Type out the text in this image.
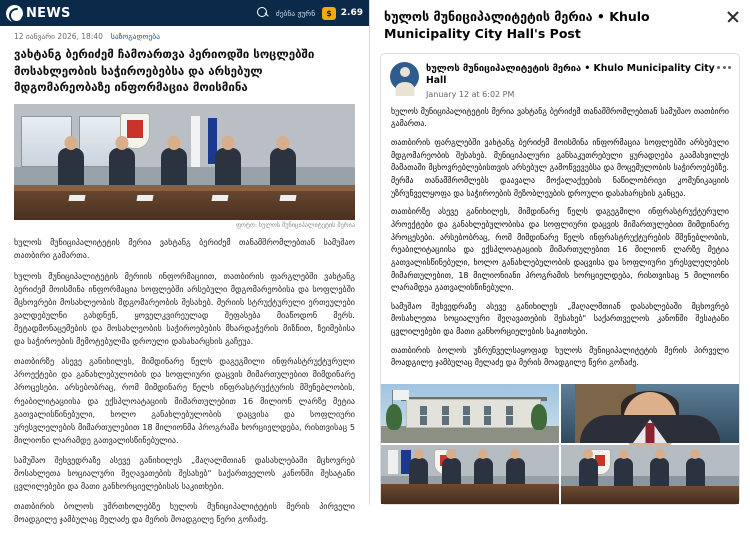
NEWS	ძებნა ჟურნ	$	2.69
12 იანვარი 2026, 18:40 საზოგადოება
ვახტანგ ბერიძემ ჩამოართვა პერიოდში სოცლებში მოსახლეობის საჭიროებებსა და არსებულ მდგომარეობაზე ინფორმაცია მოისმინა
ფოტო: ხულოს მუნიციპალიტეტის მერია

ხულოს მუნიციპალიტეტის მერია ვახტანგ ბერიძემ თანამშრომლებთან სამუშაო თათბირი გამართა.

ხულოს მუნიციპალიტეტის მერიის ინფორმაციით, თათბირის ფარგლებში ვახტანგ ბერიძემ მოისმინა ინფორმაცია სოფლებში არსებული მდგომარეობისა და სოფლებში მცხოვრები მოსახლეობის მდგომარეობის შესახებ. მერიის სტრუქტურული ერთეულები ვალდებულნი გახდნენ, ყოველკვირეულად შეფასება მიაწოდონ მერს. მეტადმონაცემების და მოსახლეობის საჭიროებების მხარდაჭერის მიზნით, ზეიმებისა და საჭიროების მემოტებულმა დროული დასახარცხის გაჩეუა.

თათბირზე ასევე განიხილეს, მიმდინარე წელს დაგეგმილი ინფრასტრუქტურული პროექტები და განახლებულობის და სოფლიური დაცვის მიმართულებით მიმდინარე პროცესები. არსებობრაც, რომ მიმდინარე წელს ინფრასტრუქტურის მშენებლობის, რეაბილიტაციისა და ექსპლოატაციის მიმართულებით 16 მილიონ ლარზე მეტია გათვალისწინებული, ხოლო განახლებულობის დაცვისა და სოფლიური ურესვლელების მიმართულებით 18 მილიონმა პროგრამა ხორციელდება, რისთვისაც 5 მილიონი ლარამდე გათვალისწინებულია.

სამუშაო შეხვედრაზე ასევე განიხილეს „მაღალმთიან დასახლებაში მცხოვრებ მოსახლეთა სოციალური შეღავათების შესახებ" საქართველოს კანონში შესატანი ცვლილებები და მათი განხორციელებისას საკითხები.

თათბირის ბოლოს უშრთხოლებზე ხულოს მუნიციპალიტეტის მერის პირველი მოადგილე ჯამბულაც მელაძე და მერის მოადგილე წერი გოჩაძე.

ხულოს მუნიციპალიტეტის მერია • Khulo Municipality City Hall's Post
ხულოს მუნიციპალიტეტის მერია • Khulo Municipality City Hall
January 12 at 6:02 PM

ხულოს მუნიციპალიტეტის მერია ვახტანგ ბერიძემ თანამშრომლებთან სამუშაო თათბირი გამართა.

თათბირის ფარგლებში ვახტანგ ბერიძემ მოისმინა ინფორმაცია სოფლებში არსებული მდგომარეობის შესახებ. მუნიციპალური განსაკუთრებული ყურადღება გაამახვილეს მამათაში მცხოვრებლებისთვის არსებულ გამოწვევებსა და მოცემულობის საჭიროებებზე. მერმა თანამშრომლებს დაავალა მოქალაქეების ნაწილობრივი კომუნიკაციის უზრუნველყოფა და საჭიროების მეზობლეუბის დროული დასახარცხის განცეა.

თათბირზე ასევე განიხილეს, მიმდინარე წელს დაგეგმილი ინფრასტრუქტურული პროექტები და განახლებულობისა და სოფლიური დაცვის მიმართულებით მიმდინარე პროცესები. არსებობრაც, რომ მიმდინარე წელს ინფრასტრუქტურების მშენებლობის, რეაბილიტაციისა და ექსპლოატაციის მიმართულებით 16 მილიონ ლარზე მეტია გათვალისწინებული, ხოლო განახლებულობის დაცვისა და სოფლიური ურესვლელების მიმართულებით, 18 მილიონიანი პროგრამის ხორციელდება, რისთვისაც 5 მილიონი ლარამდეა გათვალისწინებული.

სამუშაო შეხვედრაზე ასევე განიხილეს „მაღალმთიან დასახლებაში მცხოვრებ მოსახლეთა სოციალური შეღავათების შესახებ" საქართველოს კანონში შესატანი ცვლილებები და მათი განხორციელების საკითხები.

თათბირის ბოლოს უზრუნველსაყოფად ხულოს მუნიციპალიტეტის მერის პირველი მოადგილე ჯამბულაც მელაძე და მერის მოადგილე წერი გოჩაძე.
